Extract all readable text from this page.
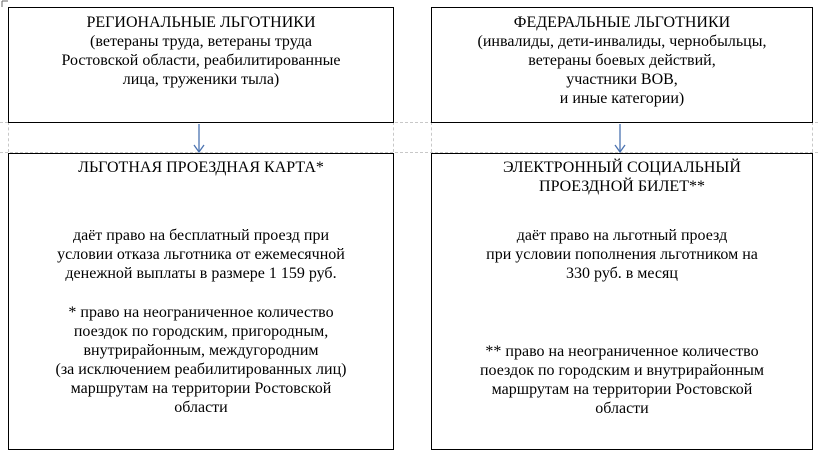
РЕГИОНАЛЬНЫЕ ЛЬГОТНИКИ

(ветераны труда, ветераны труда

Ростовской области, реабилитированные

лица, труженики тыла)

ФЕДЕРАЛЬНЫЕ ЛЬГОТНИКИ

(инвалиды, дети-инвалиды, чернобыльцы,

ветераны боевых действий,

участники ВОВ,

и иные категории)

ЛЬГОТНАЯ ПРОЕЗДНАЯ КАРТА*

даёт право на бесплатный проезд при

условии отказа льготника от ежемесячной

денежной выплаты в размере 1 159 руб.

* право на неограниченное количество

поездок по городским, пригородным,

внутрирайонным, междугородним

(за исключением реабилитированных лиц)

маршрутам на территории Ростовской

области

ЭЛЕКТРОННЫЙ СОЦИАЛЬНЫЙ

ПРОЕЗДНОЙ БИЛЕТ**

даёт право на льготный проезд

при условии пополнения льготником на

330 руб. в месяц

** право на неограниченное количество

поездок по городским и внутрирайонным

маршрутам на территории Ростовской

области
